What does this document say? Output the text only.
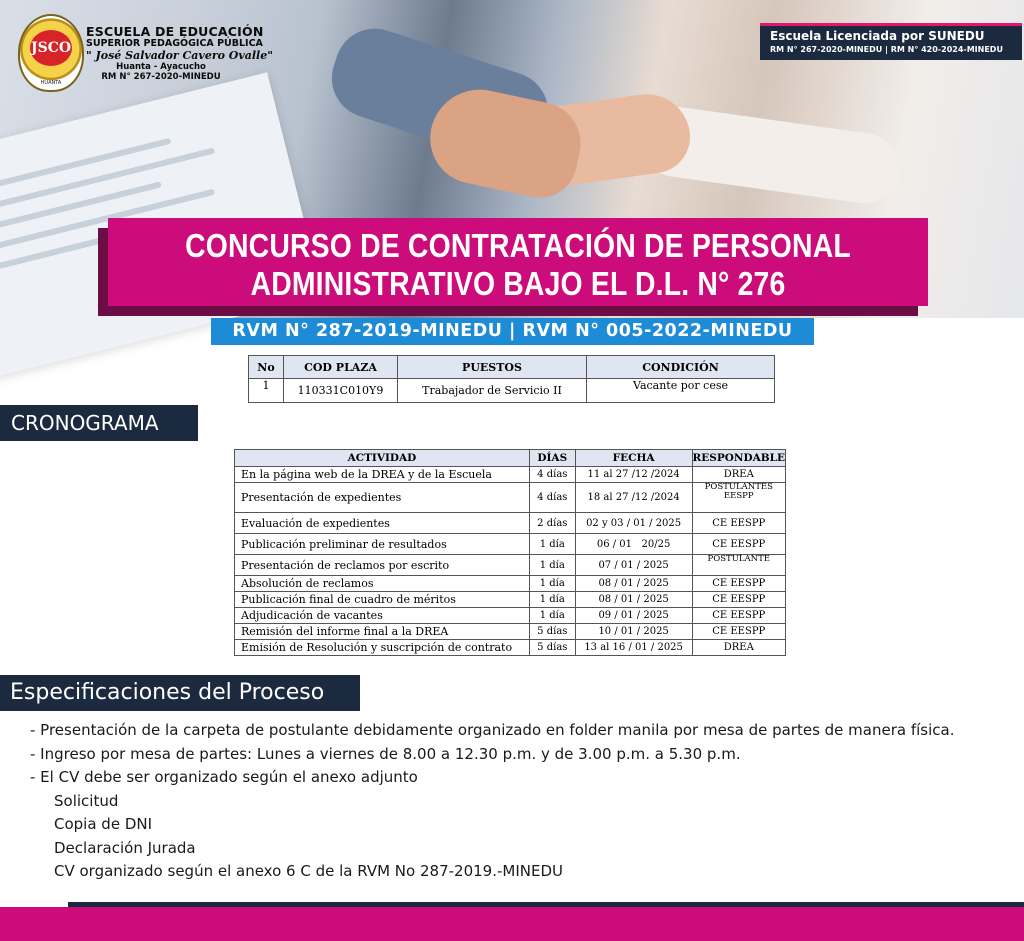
JSCO
HUANTA
ESCUELA DE EDUCACIÓN
SUPERIOR PEDAGÓGICA PÚBLICA
" José Salvador Cavero Ovalle"
Huanta - Ayacucho
RM N° 267-2020-MINEDU
Escuela Licenciada por SUNEDU
RM N° 267-2020-MINEDU | RM N° 420-2024-MINEDU
CONCURSO DE CONTRATACIÓN DE PERSONAL
ADMINISTRATIVO BAJO EL D.L. N° 276
RVM N° 287-2019-MINEDU | RVM N° 005-2022-MINEDU
No	COD PLAZA	PUESTOS	CONDICIÓN
1	110331C010Y9	Trabajador de Servicio II	Vacante por cese
CRONOGRAMA
ACTIVIDAD	DÍAS	FECHA	RESPONDABLE
En la página web de la DREA y de la Escuela	4 días	11 al 27 /12 /2024	DREA
Presentación de expedientes	4 días	18 al 27 /12 /2024	POSTULANTES
EESPP
Evaluación de expedientes	2 días	02 y 03 / 01 / 2025	CE EESPP
Publicación preliminar de resultados	1 día	06 / 01   20/25	CE EESPP
Presentación de reclamos por escrito	1 día	07 / 01 / 2025	POSTULANTE
Absolución de reclamos	1 día	08 / 01 / 2025	CE EESPP
Publicación final de cuadro de méritos	1 día	08 / 01 / 2025	CE EESPP
Adjudicación de vacantes	1 día	09 / 01 / 2025	CE EESPP
Remisión del informe final a la DREA	5 días	10 / 01 / 2025	CE EESPP
Emisión de Resolución y suscripción de contrato	5 días	13 al 16 / 01 / 2025	DREA
Especificaciones del Proceso
- Presentación de la carpeta de postulante debidamente organizado en folder manila por mesa de partes de manera física.
- Ingreso por mesa de partes: Lunes a viernes de 8.00 a 12.30 p.m. y de 3.00 p.m. a 5.30 p.m.
- El CV debe ser organizado según el anexo adjunto
Solicitud
Copia de DNI
Declaración Jurada
CV organizado según el anexo 6 C de la RVM No 287-2019.-MINEDU
